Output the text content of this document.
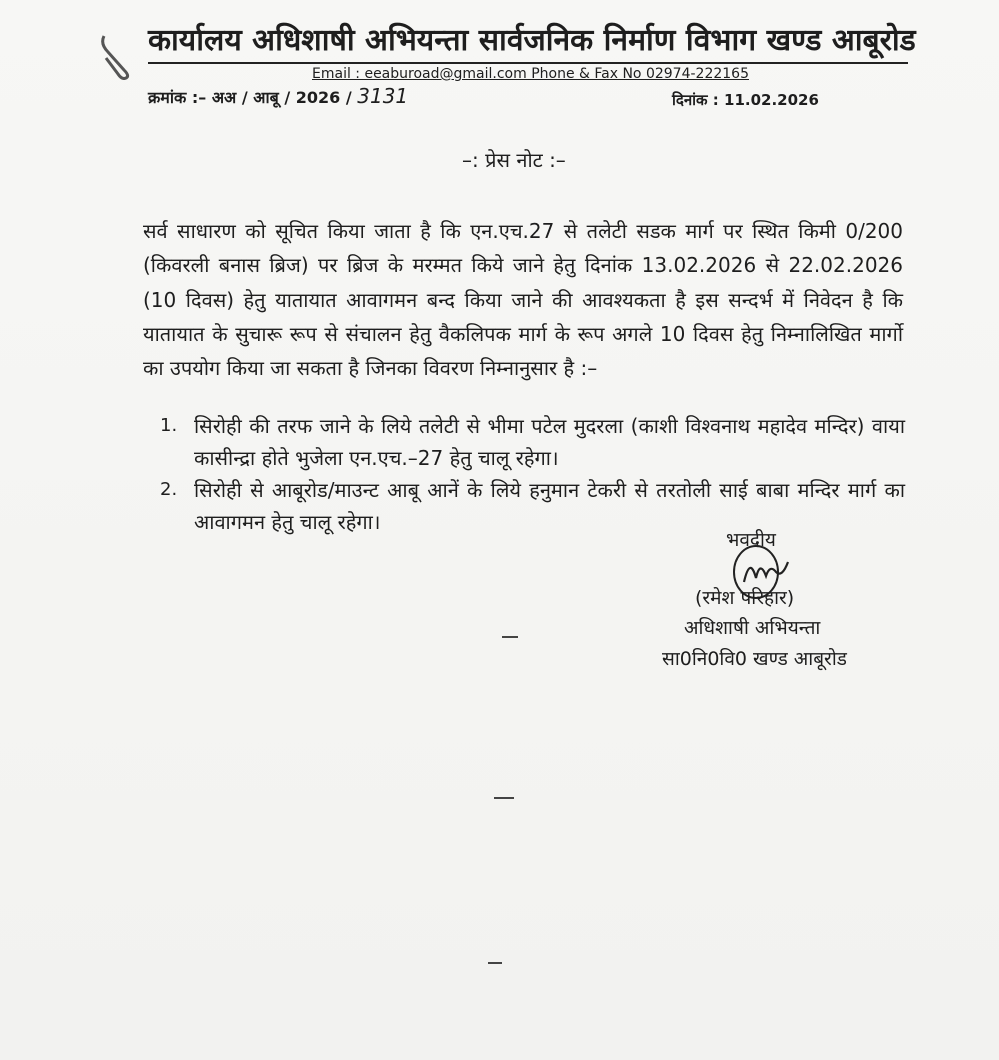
कार्यालय अधिशाषी अभियन्ता सार्वजनिक निर्माण विभाग खण्ड आबूरोड
Email : eeaburoad@gmail.com Phone & Fax No 02974-222165
क्रमांक :– अअ / आबू / 2026 / 3131	दिनांक : 11.02.2026
–: प्रेस नोट :–
सर्व साधारण को सूचित किया जाता है कि एन.एच.27 से तलेटी सडक मार्ग पर स्थित किमी 0/200 (किवरली बनास ब्रिज) पर ब्रिज के मरम्मत किये जाने हेतु दिनांक 13.02.2026 से 22.02.2026 (10 दिवस) हेतु यातायात आवागमन बन्द किया जाने की आवश्यकता है इस सन्दर्भ में निवेदन है कि यातायात के सुचारू रूप से संचालन हेतु वैकलिपक मार्ग के रूप अगले 10 दिवस हेतु निम्नालिखित मार्गो का उपयोग किया जा सकता है जिनका विवरण निम्नानुसार है :–
1. सिरोही की तरफ जाने के लिये तलेटी से भीमा पटेल मुदरला (काशी विश्वनाथ महादेव मन्दिर) वाया कासीन्द्रा होते भुजेला एन.एच.–27 हेतु चालू रहेगा।
2. सिरोही से आबूरोड/माउन्ट आबू आनें के लिये हनुमान टेकरी से तरतोली साई बाबा मन्दिर मार्ग का आवागमन हेतु चालू रहेगा।
भवदीय
(रमेश परिहार)
अधिशाषी अभियन्ता
सा0नि0वि0 खण्ड आबूरोड
